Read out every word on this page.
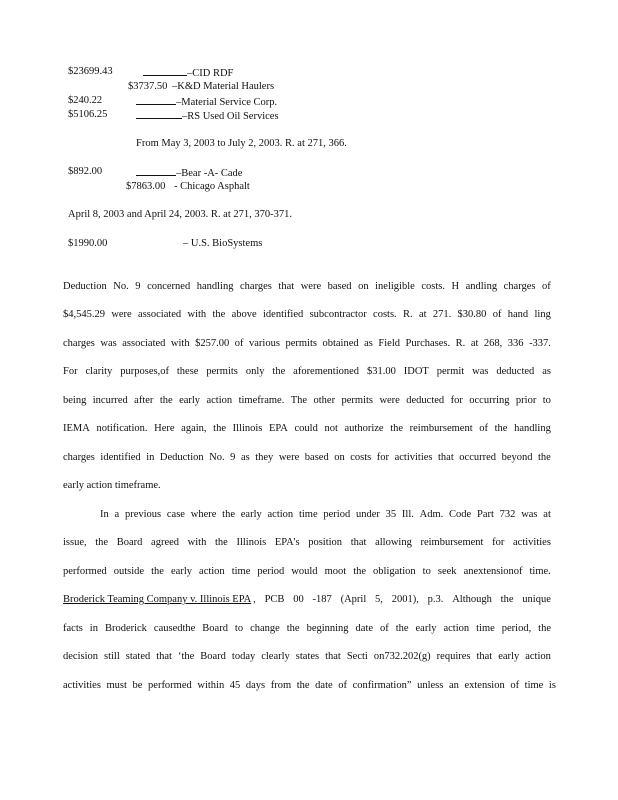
$23699.43	–CID RDF
$3737.50 –K&D Material Haulers
$240.22	–Material Service Corp.
$5106.25	–RS Used Oil Services
From May 3, 2003 to July 2, 2003. R. at 271, 366.
$892.00	–Bear -A- Cade
$7863.00 - Chicago Asphalt
April 8, 2003 and April 24, 2003. R. at 271, 370-371.
$1990.00	– U.S. BioSystems
Deduction No. 9 concerned handling charges that were based on ineligible costs. H andling charges of
$4,545.29 were associated with the above identified subcontractor costs. R. at 271. $30.80 of hand ling
charges was associated with $257.00 of various permits obtained as Field Purchases. R. at 268, 336 -337.
For clarity purposes,of these permits only the aforementioned $31.00 IDOT permit was deducted as
being incurred after the early action timeframe. The other permits were deducted for occurring prior to
IEMA notification. Here again, the Illinois EPA could not authorize the reimbursement of the handling
charges identified in Deduction No. 9 as they were based on costs for activities that occurred beyond the
early action timeframe.
In a previous case where the early action time period under 35 Ill. Adm. Code Part 732 was at
issue, the Board agreed with the Illinois EPA’s position that allowing reimbursement for activities
performed outside the early action time period would moot the obligation to seek anextensionof time.
Broderick Teaming Company v. Illinois EPA , PCB 00 -187 (April 5, 2001), p.3. Although the unique
facts in Broderick causedthe Board to change the beginning date of the early action time period, the
decision still stated that ‘the Board today clearly states that Secti on732.202(g) requires that early action
activities must be performed within 45 days from the date of confirmation” unless an extension of time is
